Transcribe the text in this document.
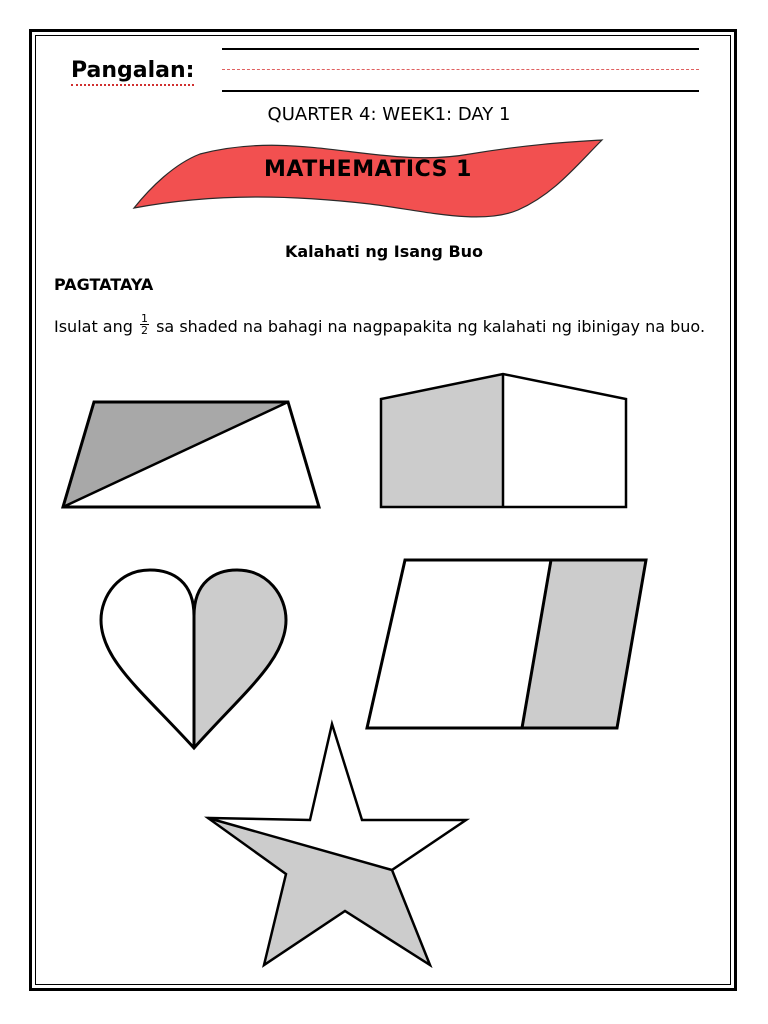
Pangalan:
QUARTER 4: WEEK1: DAY 1
MATHEMATICS 1
Kalahati ng Isang Buo
PAGTATAYA
Isulat ang $\frac{1}{2}$ sa shaded na bahagi na nagpapakita ng kalahati ng ibinigay na buo.
